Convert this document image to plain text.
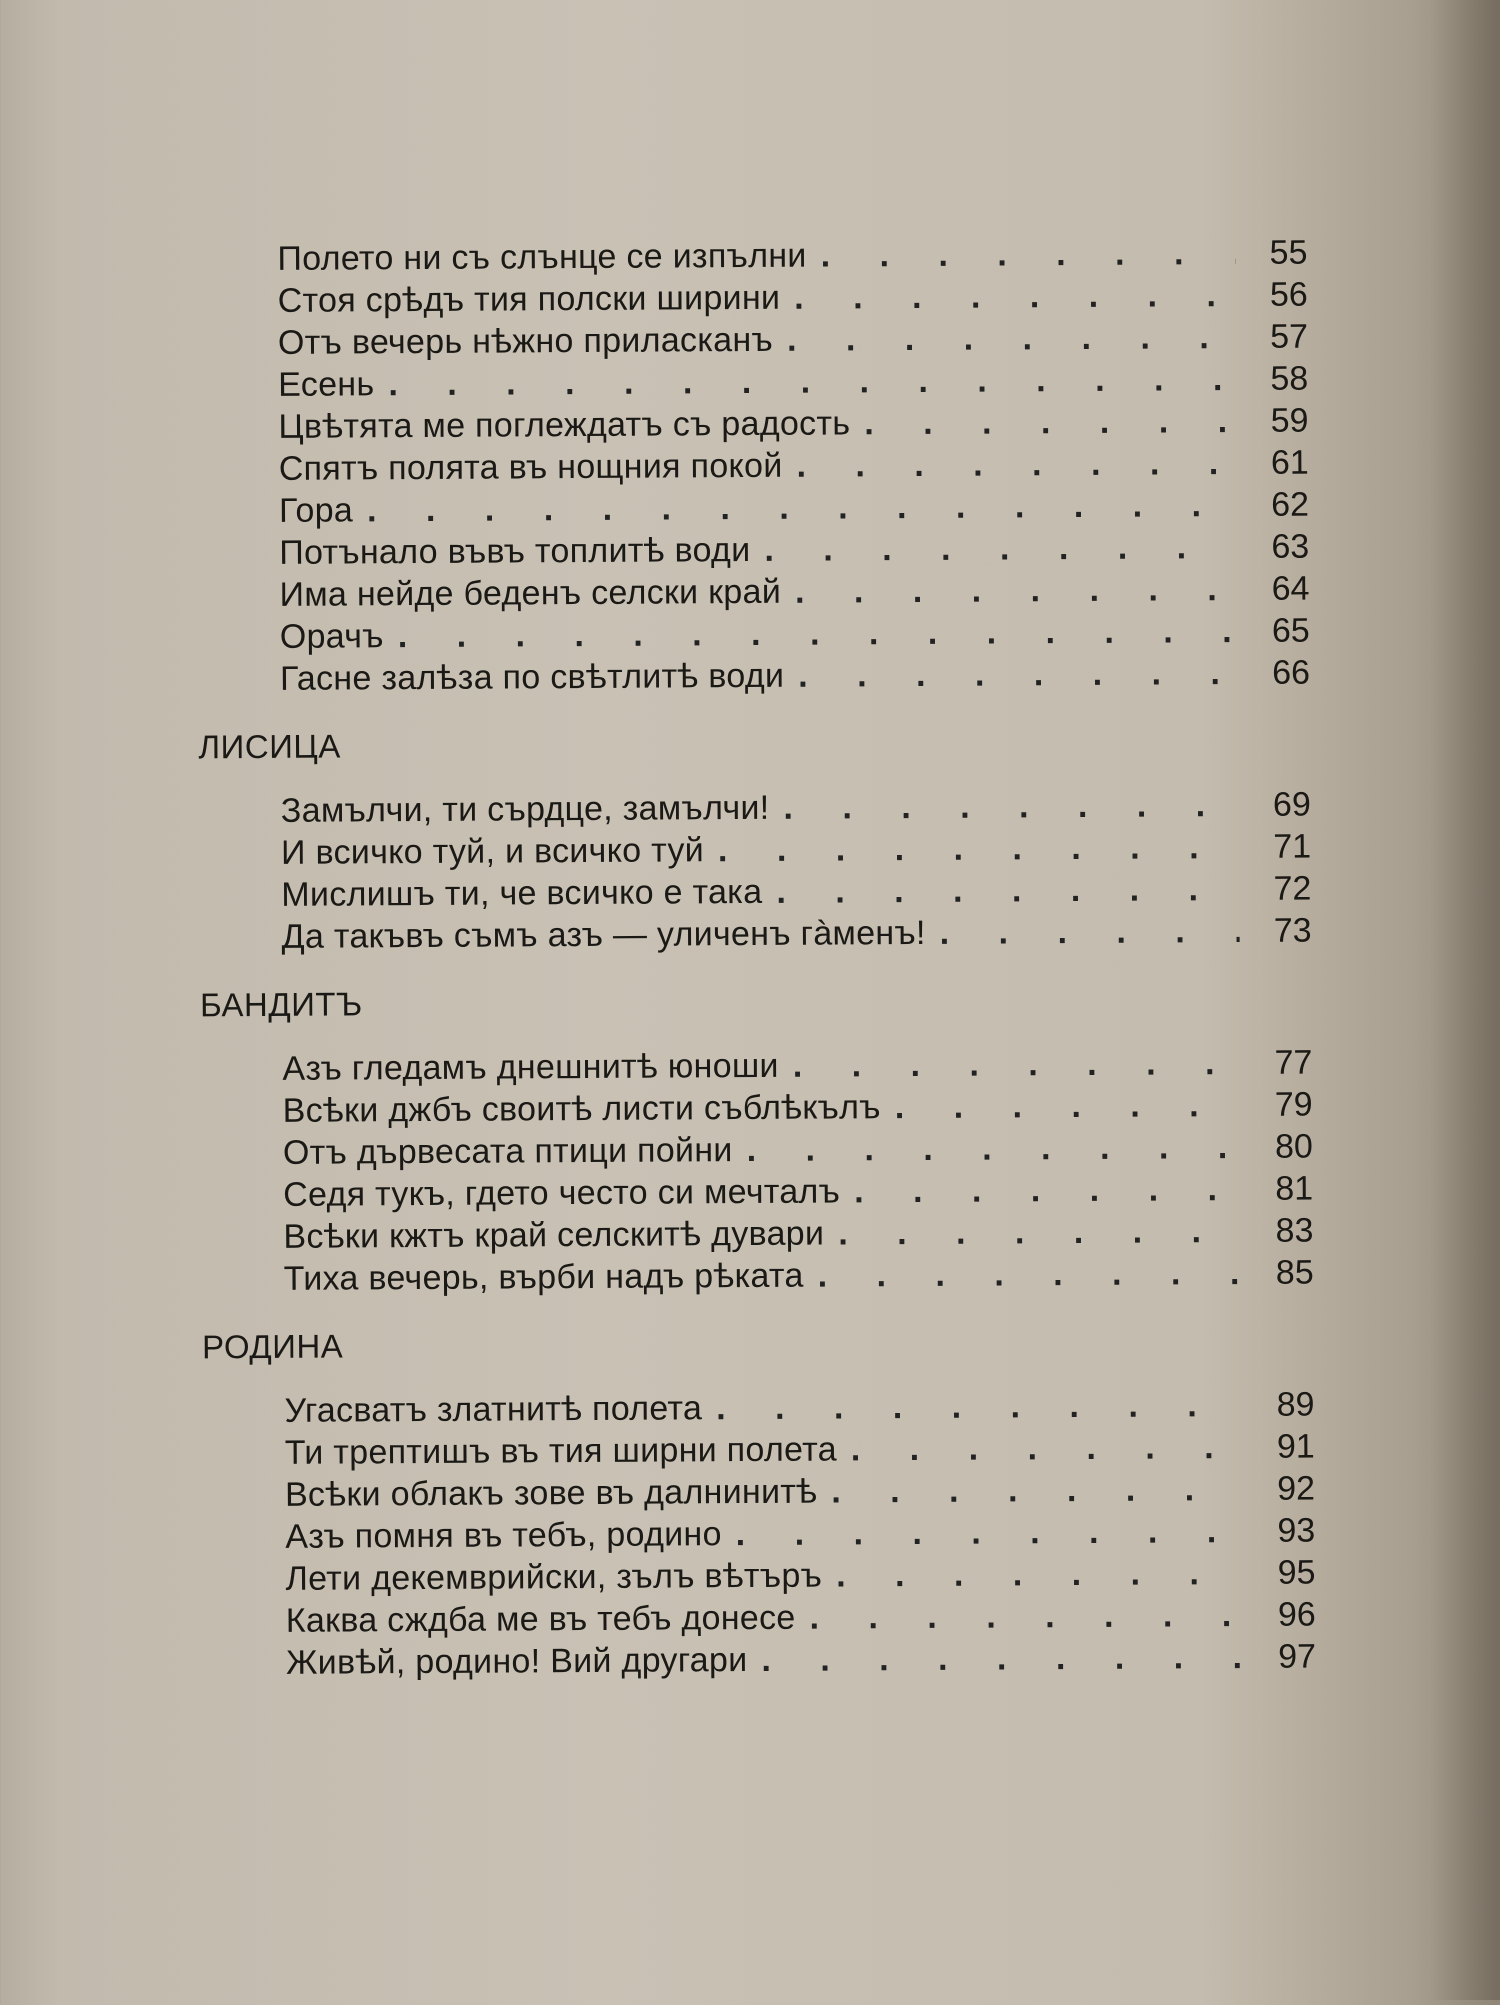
Полето ни съ слънце се изпълни . . .	55
Стоя срѣдъ тия полски ширини . . .	56
Отъ вечерь нѣжно приласканъ . . .	57
Есень . . .	58
Цвѣтята ме поглеждатъ съ радость . . .	59
Спятъ полята въ нощния покой . . .	61
Гора . . .	62
Потънало въвъ топлитѣ води . . .	63
Има нейде беденъ селски край . . .	64
Орачъ . . .	65
Гасне залѣза по свѣтлитѣ води . . .	66
ЛИСИЦА
Замълчи, ти сърдце, замълчи! . . .	69
И всичко туй, и всичко туй . . .	71
Мислишъ ти, че всичко е така . . .	72
Да такъвъ съмъ азъ — уличенъ гàменъ! . . .	73
БАНДИТЪ
Азъ гледамъ днешнитѣ юноши . . .	77
Всѣки джбъ своитѣ листи съблѣкълъ . . .	79
Отъ дървесата птици пойни . . .	80
Седя тукъ, гдето често си мечталъ . . .	81
Всѣки кжтъ край селскитѣ дувари . . .	83
Тиха вечерь, върби надъ рѣката . . .	85
РОДИНА
Угасватъ златнитѣ полета . . .	89
Ти трептишъ въ тия ширни полета . . .	91
Всѣки облакъ зове въ далнинитѣ . . .	92
Азъ помня въ тебъ, родино . . .	93
Лети декемврийски, зълъ вѣтъръ . . .	95
Каква сждба ме въ тебъ донесе . . .	96
Живѣй, родино! Вий другари . . .	97
